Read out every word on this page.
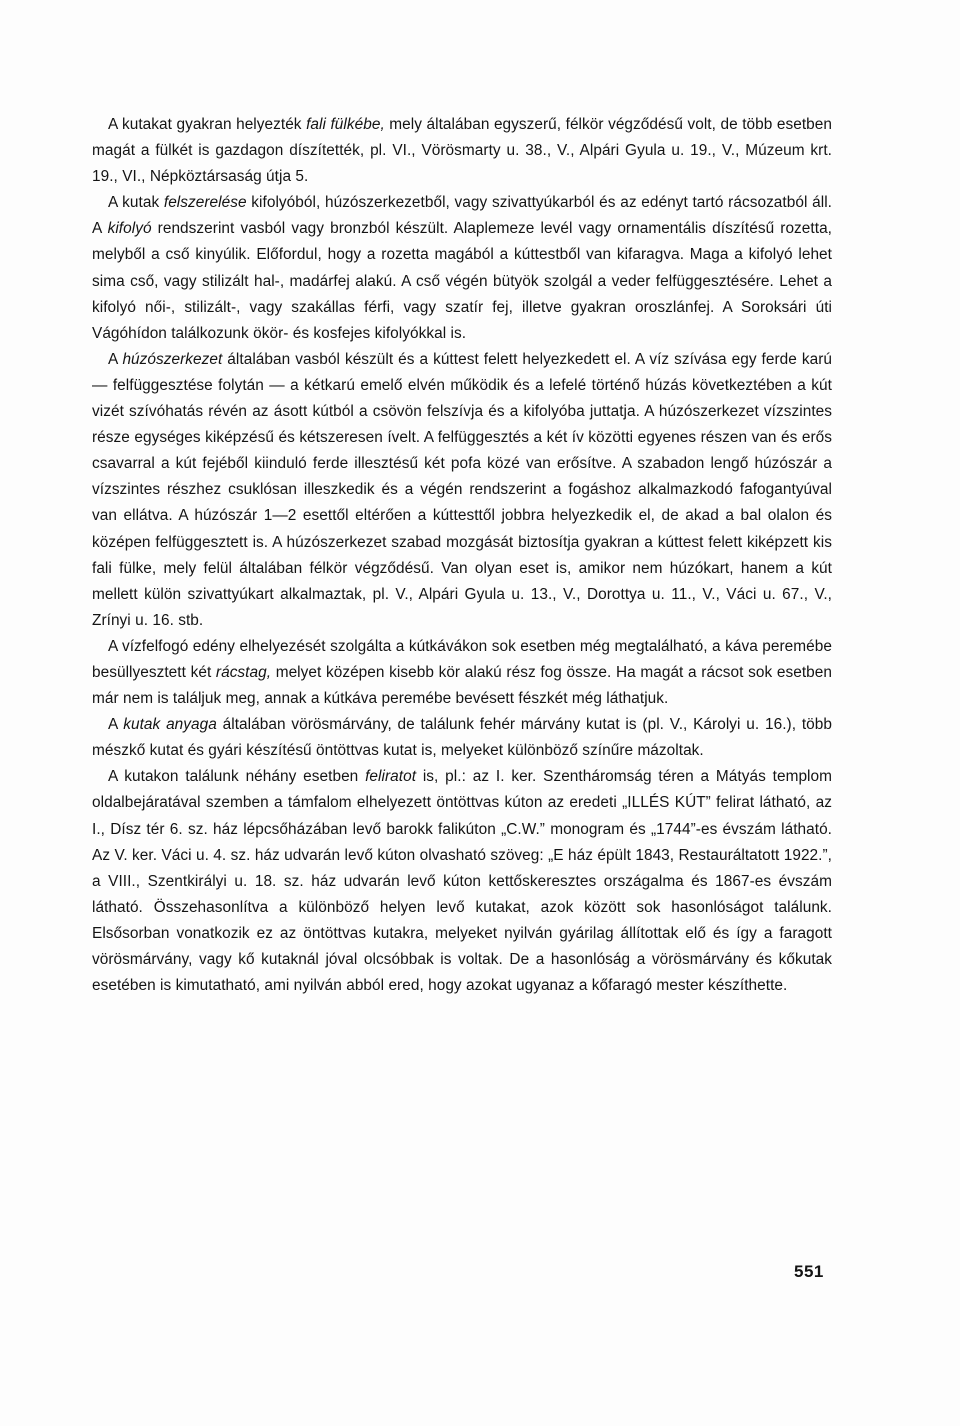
A kutakat gyakran helyezték fali fülkébe, mely általában egyszerű, félkör végződésű volt, de több esetben magát a fülkét is gazdagon díszítették, pl. VI., Vörösmarty u. 38., V., Alpári Gyula u. 19., V., Múzeum krt. 19., VI., Népköztársaság útja 5.

A kutak felszerelése kifolyóból, húzószerkezetből, vagy szivattyúkarból és az edényt tartó rácsozatból áll. A kifolyó rendszerint vasból vagy bronzból készült. Alaplemeze levél vagy ornamentális díszítésű rozetta, melyből a cső kinyúlik. Előfordul, hogy a rozetta magából a kúttestből van kifaragva. Maga a kifolyó lehet sima cső, vagy stilizált hal-, madárfej alakú. A cső végén bütyök szolgál a veder felfüggesztésére. Lehet a kifolyó női-, stilizált-, vagy szakállas férfi, vagy szatír fej, illetve gyakran oroszlánfej. A Soroksári úti Vágóhídon találkozunk ökör- és kosfejes kifolyókkal is.

A húzószerkezet általában vasból készült és a kúttest felett helyezkedett el. A víz szívása egy ferde karú — felfüggesztése folytán — a kétkarú emelő elvén működik és a lefelé történő húzás következtében a kút vizét szívóhatás révén az ásott kútból a csövön felszívja és a kifolyóba juttatja. A húzószerkezet vízszintes része egységes kiképzésű és kétszeresen ívelt. A felfüggesztés a két ív közötti egyenes részen van és erős csavarral a kút fejéből kiinduló ferde illesztésű két pofa közé van erősítve. A szabadon lengő húzószár a vízszintes részhez csuklósan illeszkedik és a végén rendszerint a fogáshoz alkalmazkodó fafogantyúval van ellátva. A húzószár 1—2 esettől eltérően a kúttesttől jobbra helyezkedik el, de akad a bal olalon és középen felfüggesztett is. A húzószerkezet szabad mozgását biztosítja gyakran a kúttest felett kiképzett kis fali fülke, mely felül általában félkör végződésű. Van olyan eset is, amikor nem húzókart, hanem a kút mellett külön szivattyúkart alkalmaztak, pl. V., Alpári Gyula u. 13., V., Dorottya u. 11., V., Váci u. 67., V., Zrínyi u. 16. stb.

A vízfelfogó edény elhelyezését szolgálta a kútkávákon sok esetben még megtalálható, a káva peremébe besüllyesztett két rácstag, melyet középen kisebb kör alakú rész fog össze. Ha magát a rácsot sok esetben már nem is találjuk meg, annak a kútkáva peremébe bevésett fészkét még láthatjuk.

A kutak anyaga általában vörösmárvány, de találunk fehér márvány kutat is (pl. V., Károlyi u. 16.), több mészkő kutat és gyári készítésű öntöttvas kutat is, melyeket különböző színűre mázoltak.

A kutakon találunk néhány esetben feliratot is, pl.: az I. ker. Szentháromság téren a Mátyás templom oldalbejáratával szemben a támfalom elhelyezett öntöttvas kúton az eredeti „ILLÉS KÚT” felirat látható, az I., Dísz tér 6. sz. ház lépcsőházában levő barokk falikúton „C.W.” monogram és „1744”-es évszám látható. Az V. ker. Váci u. 4. sz. ház udvarán levő kúton olvasható szöveg: „E ház épült 1843, Restauráltatott 1922.”, a VIII., Szentkirályi u. 18. sz. ház udvarán levő kúton kettőskeresztes országalma és 1867-es évszám látható. Összehasonlítva a különböző helyen levő kutakat, azok között sok hasonlóságot találunk. Elsősorban vonatkozik ez az öntöttvas kutakra, melyeket nyilván gyárilag állítottak elő és így a faragott vörösmárvány, vagy kő kutaknál jóval olcsóbbak is voltak. De a hasonlóság a vörösmárvány és kőkutak esetében is kimutatható, ami nyilván abból ered, hogy azokat ugyanaz a kőfaragó mester készíthette.

551
